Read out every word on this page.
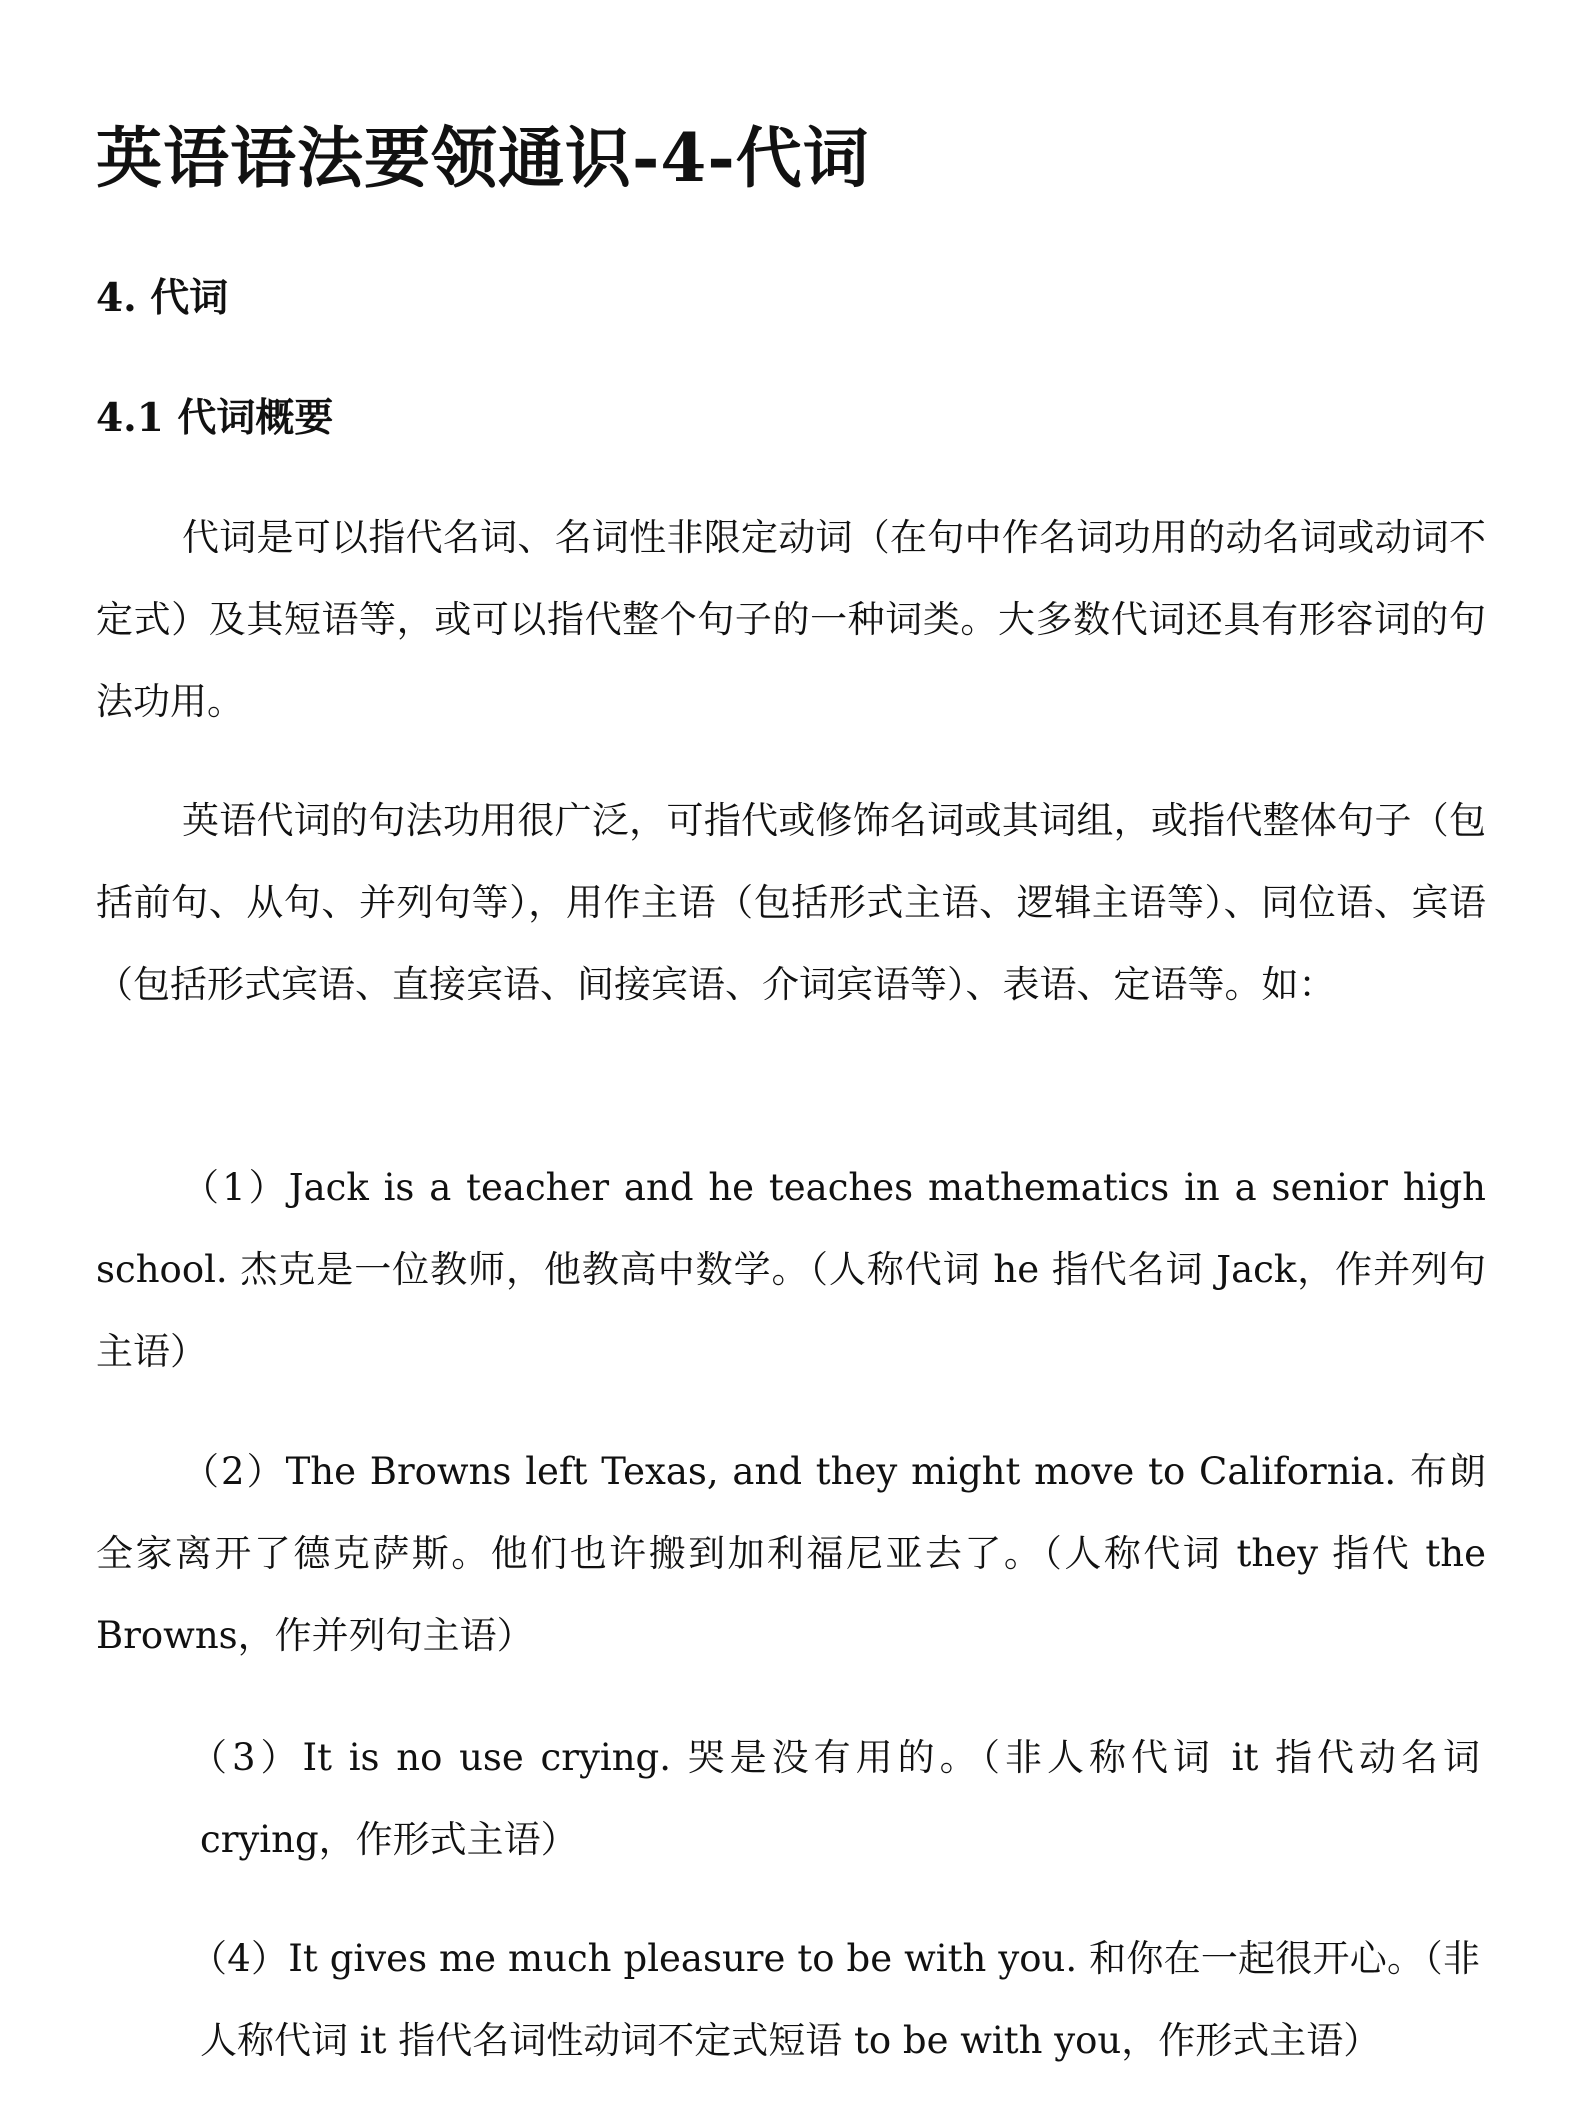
英语语法要领通识-4-代词
4. 代词
4.1 代词概要

代词是可以指代名词、名词性非限定动词（在句中作名词功用的动名词或动词不定式）及其短语等，或可以指代整个句子的一种词类。大多数代词还具有形容词的句法功用。

英语代词的句法功用很广泛，可指代或修饰名词或其词组，或指代整体句子（包括前句、从句、并列句等），用作主语（包括形式主语、逻辑主语等）、同位语、宾语（包括形式宾语、直接宾语、间接宾语、介词宾语等）、表语、定语等。如：

（1）Jack is a teacher and he teaches mathematics in a senior high school. 杰克是一位教师，他教高中数学。（人称代词 he 指代名词 Jack，作并列句主语）

（2）The Browns left Texas, and they might move to California. 布朗全家离开了德克萨斯。他们也许搬到加利福尼亚去了。（人称代词 they 指代 the Browns，作并列句主语）

（3）It is no use crying. 哭是没有用的。（非人称代词 it 指代动名词 crying，作形式主语）

（4）It gives me much pleasure to be with you. 和你在一起很开心。（非人称代词 it 指代名词性动词不定式短语 to be with you，作形式主语）
